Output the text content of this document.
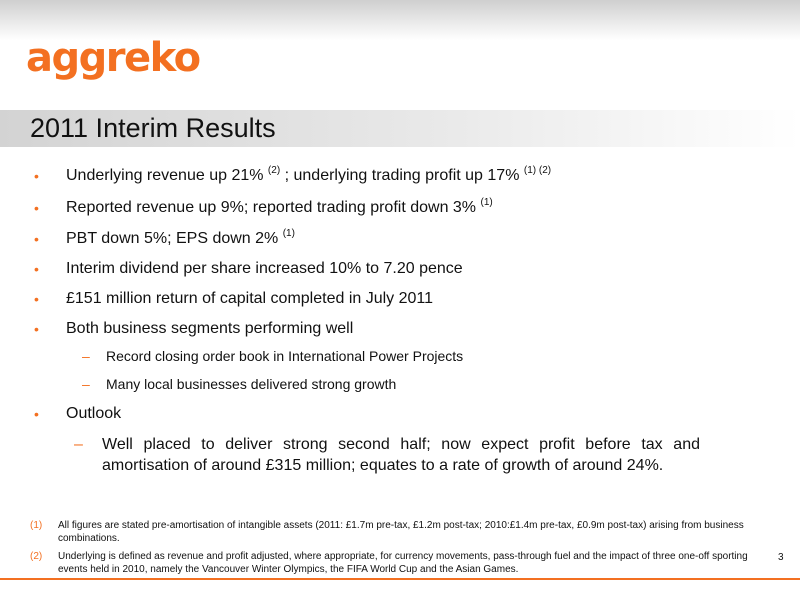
aggreko
2011 Interim Results
• Underlying revenue up 21% $^{(2)}$ ; underlying trading profit up 17% $^{(1) (2)}$
• Reported revenue up 9%; reported trading profit down 3% $^{(1)}$
• PBT down 5%; EPS down 2% $^{(1)}$
• Interim dividend per share increased 10% to 7.20 pence
• £151 million return of capital completed in July 2011
• Both business segments performing well
– Record closing order book in International Power Projects
– Many local businesses delivered strong growth
• Outlook
– Well placed to deliver strong second half; now expect profit before tax and amortisation of around £315 million; equates to a rate of growth of around 24%.
(1) All figures are stated pre-amortisation of intangible assets (2011: £1.7m pre-tax, £1.2m post-tax; 2010:£1.4m pre-tax, £0.9m post-tax) arising from business combinations.
(2) Underlying is defined as revenue and profit adjusted, where appropriate, for currency movements, pass-through fuel and the impact of three one-off sporting events held in 2010, namely the Vancouver Winter Olympics, the FIFA World Cup and the Asian Games.
3
